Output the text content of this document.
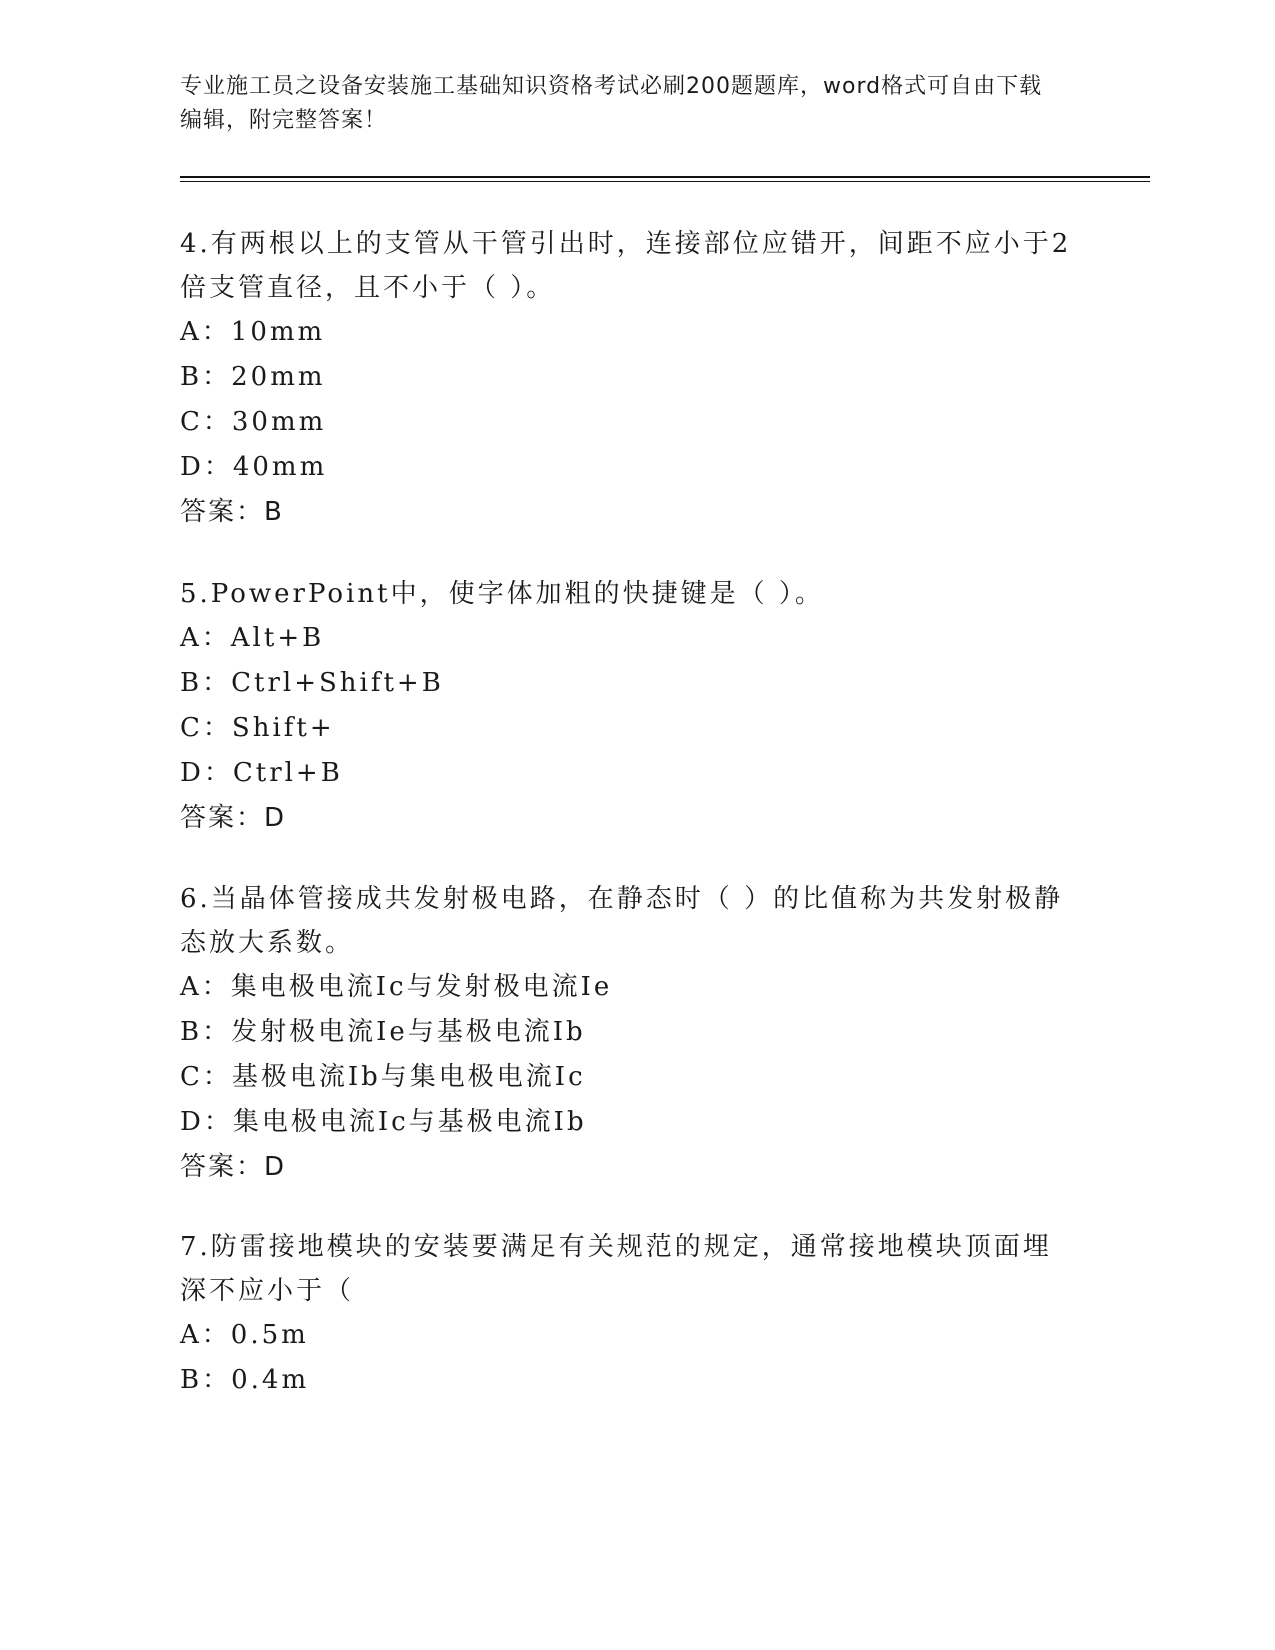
专业施工员之设备安装施工基础知识资格考试必刷200题题库，word格式可自由下载编辑，附完整答案！

4.有两根以上的支管从干管引出时，连接部位应错开，间距不应小于2倍支管直径，且不小于（ ）。

A：10mm

B：20mm

C：30mm

D：40mm

答案：B

5.PowerPoint中，使字体加粗的快捷键是（ ）。

A：Alt+B

B：Ctrl+Shift+B

C：Shift+

D：Ctrl+B

答案：D

6.当晶体管接成共发射极电路，在静态时（ ）的比值称为共发射极静态放大系数。

A：集电极电流Ic与发射极电流Ie

B：发射极电流Ie与基极电流Ib

C：基极电流Ib与集电极电流Ic

D：集电极电流Ic与基极电流Ib

答案：D

7.防雷接地模块的安装要满足有关规范的规定，通常接地模块顶面埋深不应小于（

A：0.5m

B：0.4m
